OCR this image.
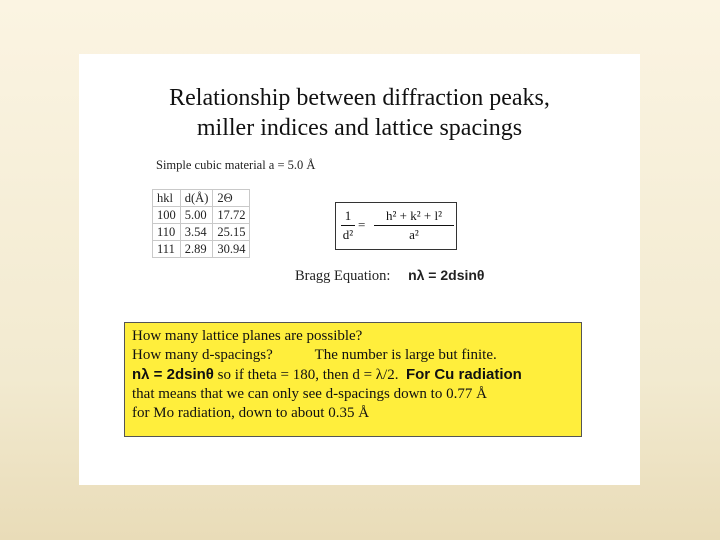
Relationship between diffraction peaks,
miller indices and lattice spacings
Simple cubic material a = 5.0 Å
hkl	d(Å)	2Θ
100	5.00	17.72
110	3.54	25.15
111	2.89	30.94
1
d²
=
h² + k² + l²
a²
Bragg Equation: nλ = 2dsinθ
How many lattice planes are possible?
How many d-spacings?	The number is large but finite.
nλ = 2dsinθ so if theta = 180, then d = λ/2.  For Cu radiation
that means that we can only see d-spacings down to 0.77 Å
for Mo radiation, down to about 0.35 Å
